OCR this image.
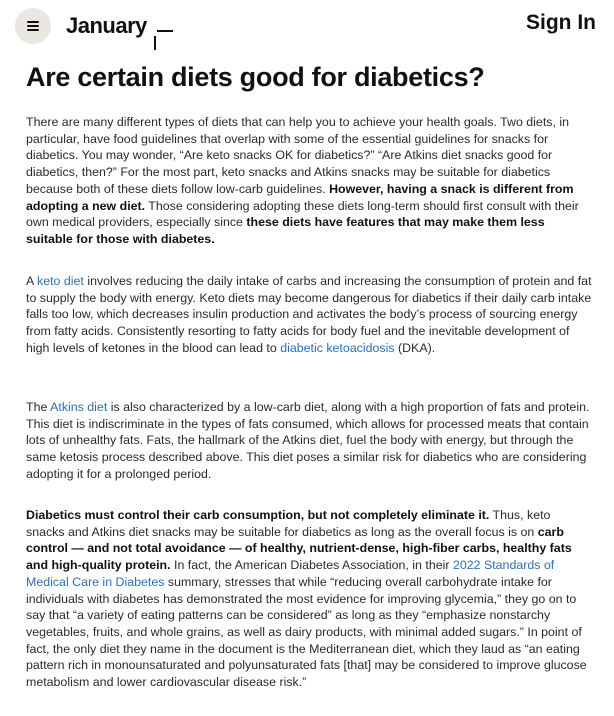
January	Sign In
Are certain diets good for diabetics?

There are many different types of diets that can help you to achieve your health goals. Two diets, in particular, have food guidelines that overlap with some of the essential guidelines for snacks for diabetics. You may wonder, “Are keto snacks OK for diabetics?” “Are Atkins diet snacks good for diabetics, then?” For the most part, keto snacks and Atkins snacks may be suitable for diabetics because both of these diets follow low-carb guidelines. However, having a snack is different from adopting a new diet. Those considering adopting these diets long-term should first consult with their own medical providers, especially since these diets have features that may make them less suitable for those with diabetes.

A keto diet involves reducing the daily intake of carbs and increasing the consumption of protein and fat to supply the body with energy. Keto diets may become dangerous for diabetics if their daily carb intake falls too low, which decreases insulin production and activates the body’s process of sourcing energy from fatty acids. Consistently resorting to fatty acids for body fuel and the inevitable development of high levels of ketones in the blood can lead to diabetic ketoacidosis (DKA).

The Atkins diet is also characterized by a low-carb diet, along with a high proportion of fats and protein. This diet is indiscriminate in the types of fats consumed, which allows for processed meats that contain lots of unhealthy fats. Fats, the hallmark of the Atkins diet, fuel the body with energy, but through the same ketosis process described above. This diet poses a similar risk for diabetics who are considering adopting it for a prolonged period.

Diabetics must control their carb consumption, but not completely eliminate it. Thus, keto snacks and Atkins diet snacks may be suitable for diabetics as long as the overall focus is on carb control — and not total avoidance — of healthy, nutrient-dense, high-fiber carbs, healthy fats and high-quality protein. In fact, the American Diabetes Association, in their 2022 Standards of Medical Care in Diabetes summary, stresses that while “reducing overall carbohydrate intake for individuals with diabetes has demonstrated the most evidence for improving glycemia,” they go on to say that “a variety of eating patterns can be considered” as long as they “emphasize nonstarchy vegetables, fruits, and whole grains, as well as dairy products, with minimal added sugars.” In point of fact, the only diet they name in the document is the Mediterranean diet, which they laud as “an eating pattern rich in monounsaturated and polyunsaturated fats [that] may be considered to improve glucose metabolism and lower cardiovascular disease risk.”
